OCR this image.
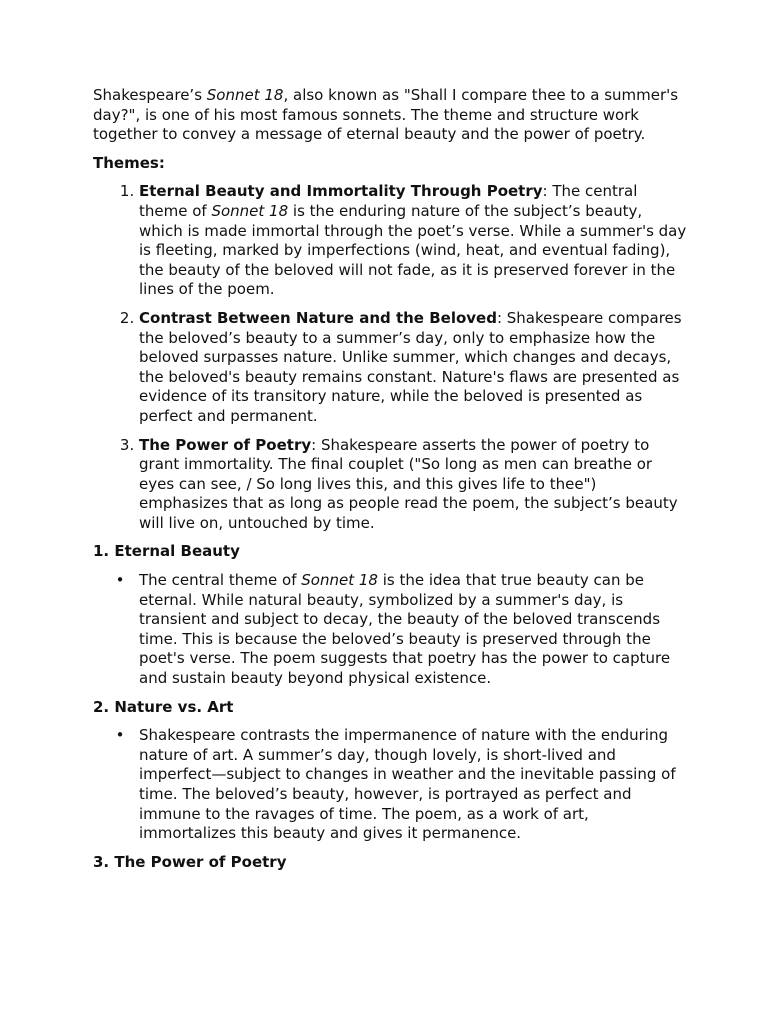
Shakespeare’s Sonnet 18, also known as "Shall I compare thee to a summer's day?", is one of his most famous sonnets. The theme and structure work together to convey a message of eternal beauty and the power of poetry.

Themes:

1. Eternal Beauty and Immortality Through Poetry: The central theme of Sonnet 18 is the enduring nature of the subject’s beauty, which is made immortal through the poet’s verse. While a summer's day is fleeting, marked by imperfections (wind, heat, and eventual fading), the beauty of the beloved will not fade, as it is preserved forever in the lines of the poem.
2. Contrast Between Nature and the Beloved: Shakespeare compares the beloved’s beauty to a summer’s day, only to emphasize how the beloved surpasses nature. Unlike summer, which changes and decays, the beloved's beauty remains constant. Nature's flaws are presented as evidence of its transitory nature, while the beloved is presented as perfect and permanent.
3. The Power of Poetry: Shakespeare asserts the power of poetry to grant immortality. The final couplet ("So long as men can breathe or eyes can see, / So long lives this, and this gives life to thee") emphasizes that as long as people read the poem, the subject’s beauty will live on, untouched by time.

1. Eternal Beauty

• The central theme of Sonnet 18 is the idea that true beauty can be eternal. While natural beauty, symbolized by a summer's day, is transient and subject to decay, the beauty of the beloved transcends time. This is because the beloved’s beauty is preserved through the poet's verse. The poem suggests that poetry has the power to capture and sustain beauty beyond physical existence.

2. Nature vs. Art

• Shakespeare contrasts the impermanence of nature with the enduring nature of art. A summer’s day, though lovely, is short-lived and imperfect—subject to changes in weather and the inevitable passing of time. The beloved’s beauty, however, is portrayed as perfect and immune to the ravages of time. The poem, as a work of art, immortalizes this beauty and gives it permanence.

3. The Power of Poetry
